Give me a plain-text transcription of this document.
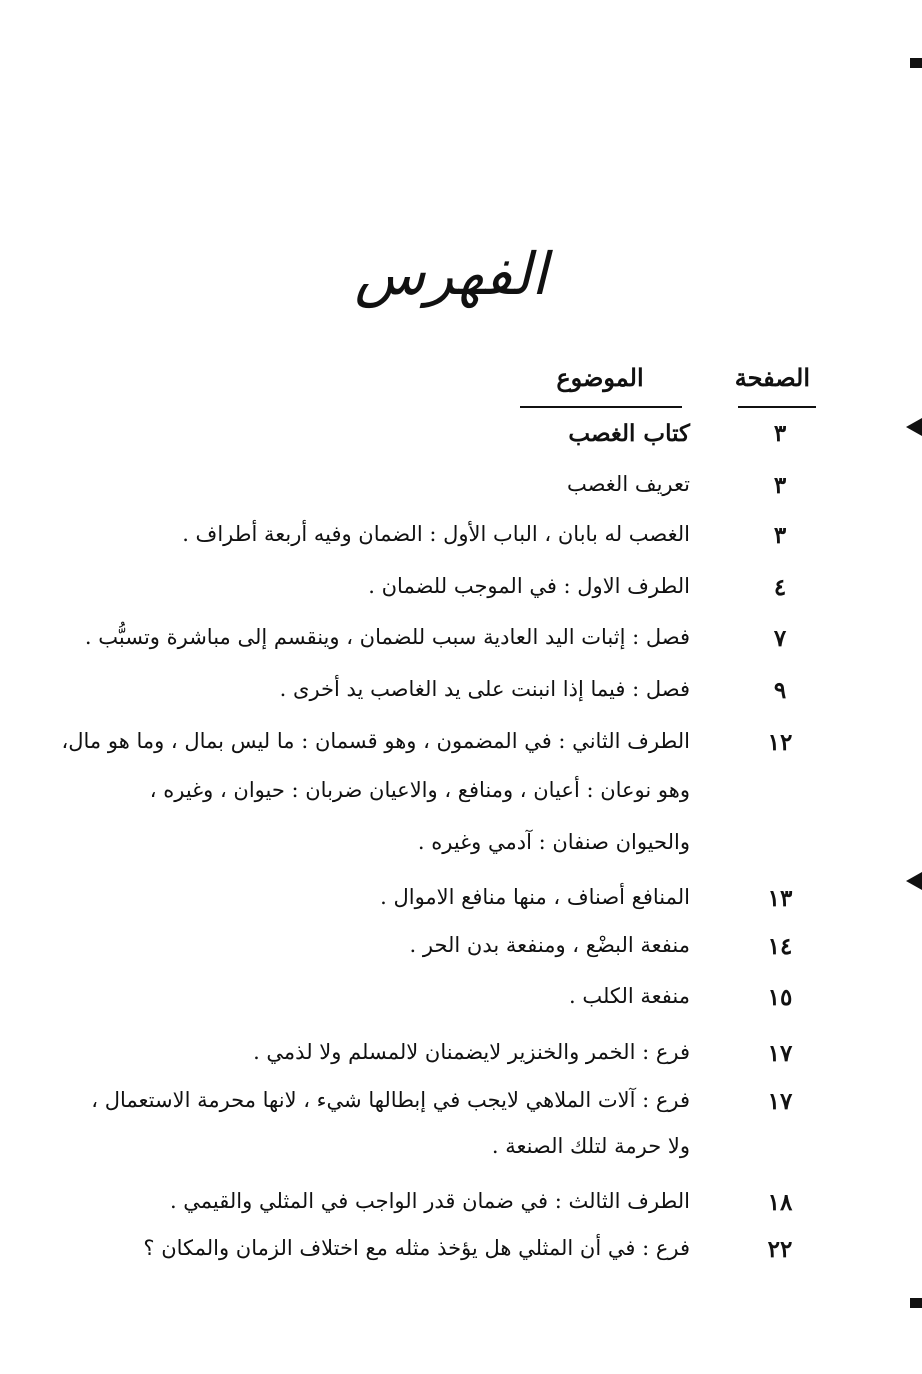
الفهرس
الصفحة
الموضوع
٣
كتاب الغصب
٣
تعريف الغصب
٣
الغصب له بابان ، الباب الأول : الضمان وفيه أربعة أطراف .
٤
الطرف الاول : في الموجب للضمان .
٧
فصل : إثبات اليد العادية سبب للضمان ، وينقسم إلى مباشرة وتسبُّب .
٩
فصل : فيما إذا انبنت على يد الغاصب يد أخرى .
١٢
الطرف الثاني : في المضمون ، وهو قسمان : ما ليس بمال ، وما هو مال،
وهو نوعان : أعيان ، ومنافع ، والاعيان ضربان : حيوان ، وغيره ،
والحيوان صنفان : آدمي وغيره .
١٣
المنافع أصناف ، منها منافع الاموال .
١٤
منفعة البضْع ، ومنفعة بدن الحر .
١٥
منفعة الكلب .
١٧
فرع : الخمر والخنزير لايضمنان لالمسلم ولا لذمي .
١٧
فرع : آلات الملاهي لايجب في إبطالها شيء ، لانها محرمة الاستعمال ،
ولا حرمة لتلك الصنعة .
١٨
الطرف الثالث : في ضمان قدر الواجب في المثلي والقيمي .
٢٢
فرع : في أن المثلي هل يؤخذ مثله مع اختلاف الزمان والمكان ؟
